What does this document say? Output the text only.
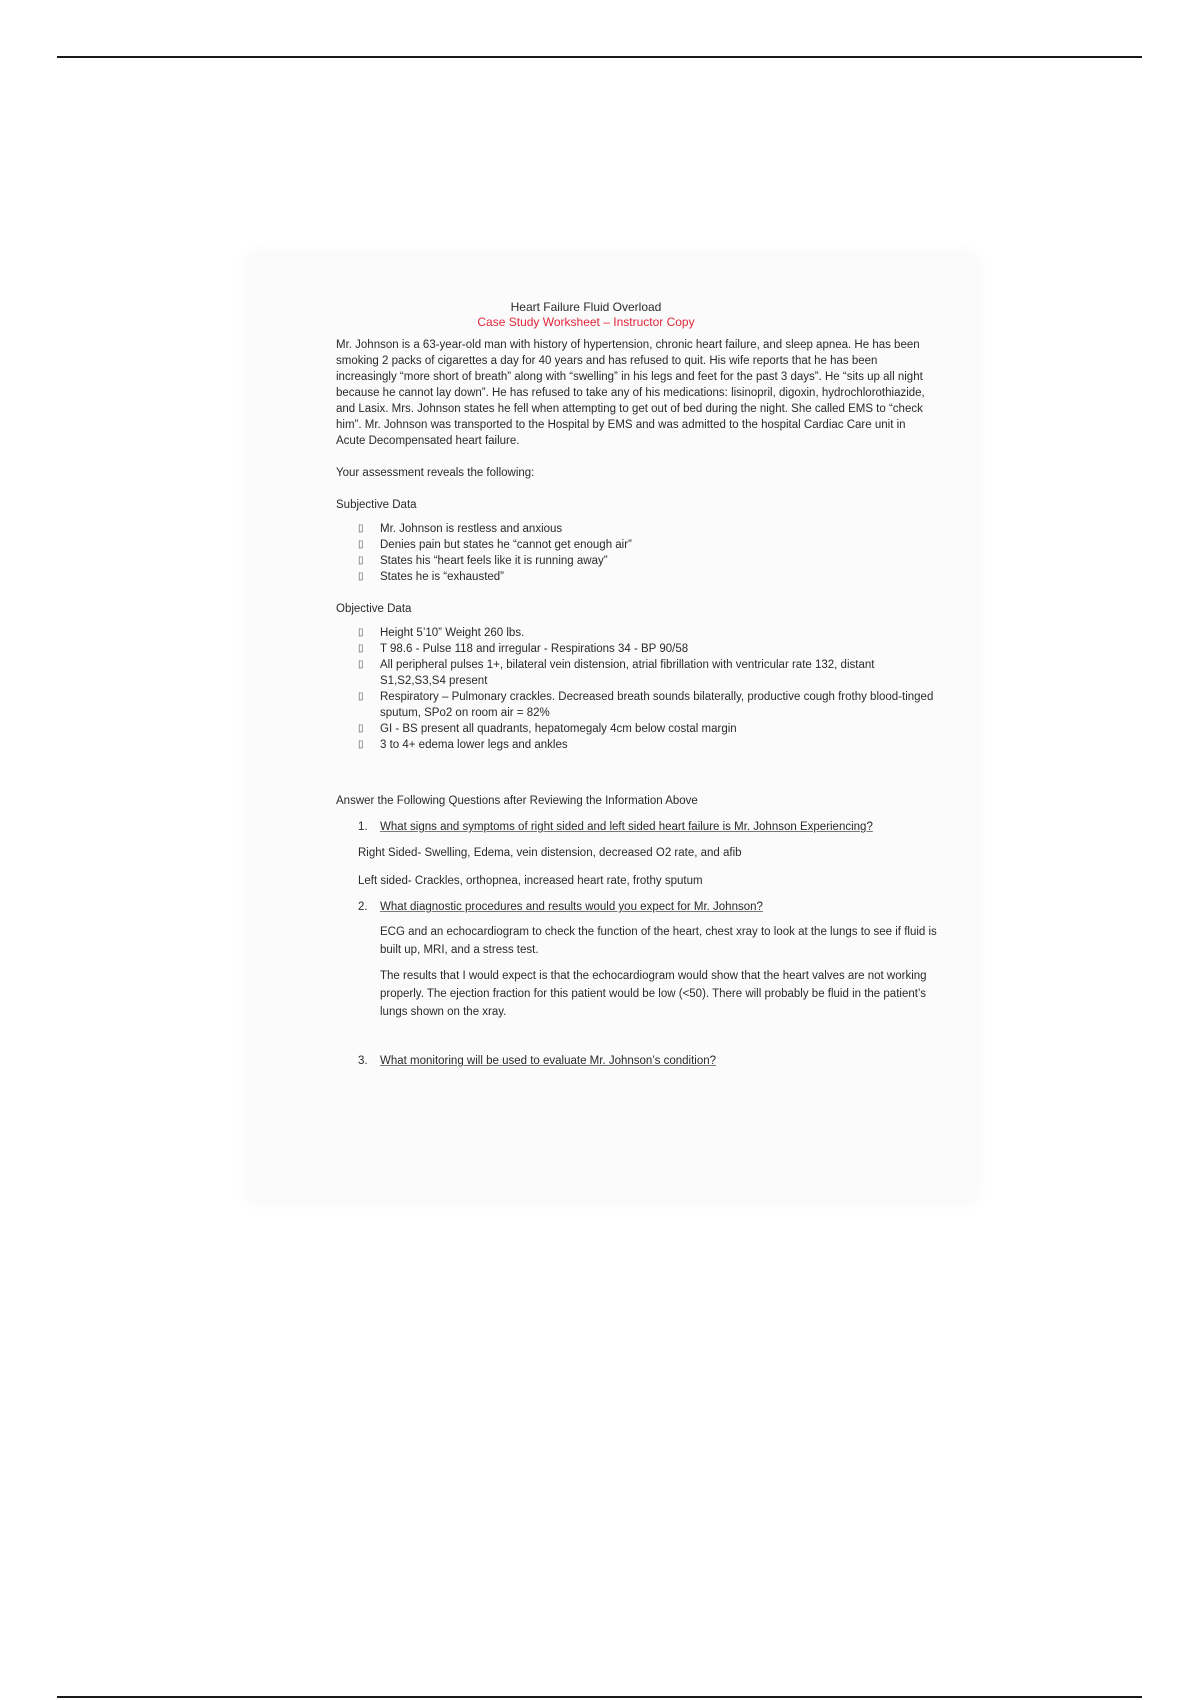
Heart Failure Fluid Overload
Case Study Worksheet – Instructor Copy

Mr. Johnson is a 63-year-old man with history of hypertension, chronic heart failure, and sleep apnea. He has been smoking 2 packs of cigarettes a day for 40 years and has refused to quit. His wife reports that he has been increasingly “more short of breath” along with “swelling” in his legs and feet for the past 3 days”. He “sits up all night because he cannot lay down”. He has refused to take any of his medications: lisinopril, digoxin, hydrochlorothiazide, and Lasix. Mrs. Johnson states he fell when attempting to get out of bed during the night. She called EMS to “check him”. Mr. Johnson was transported to the Hospital by EMS and was admitted to the hospital Cardiac Care unit in Acute Decompensated heart failure.

Your assessment reveals the following:

Subjective Data

▯ Mr. Johnson is restless and anxious
▯ Denies pain but states he “cannot get enough air”
▯ States his “heart feels like it is running away”
▯ States he is “exhausted”

Objective Data

▯ Height 5’10” Weight 260 lbs.
▯ T 98.6 - Pulse 118 and irregular - Respirations 34 - BP 90/58
▯ All peripheral pulses 1+, bilateral vein distension, atrial fibrillation with ventricular rate 132, distant S1,S2,S3,S4 present
▯ Respiratory – Pulmonary crackles. Decreased breath sounds bilaterally, productive cough frothy blood-tinged sputum, SPo2 on room air = 82%
▯ GI - BS present all quadrants, hepatomegaly 4cm below costal margin
▯ 3 to 4+ edema lower legs and ankles

Answer the Following Questions after Reviewing the Information Above

1. What signs and symptoms of right sided and left sided heart failure is Mr. Johnson Experiencing?

Right Sided- Swelling, Edema, vein distension, decreased O2 rate, and afib

Left sided- Crackles, orthopnea, increased heart rate, frothy sputum

2. What diagnostic procedures and results would you expect for Mr. Johnson?

ECG and an echocardiogram to check the function of the heart, chest xray to look at the lungs to see if fluid is built up, MRI, and a stress test.

The results that I would expect is that the echocardiogram would show that the heart valves are not working properly. The ejection fraction for this patient would be low (<50). There will probably be fluid in the patient’s lungs shown on the xray.

3. What monitoring will be used to evaluate Mr. Johnson’s condition?
